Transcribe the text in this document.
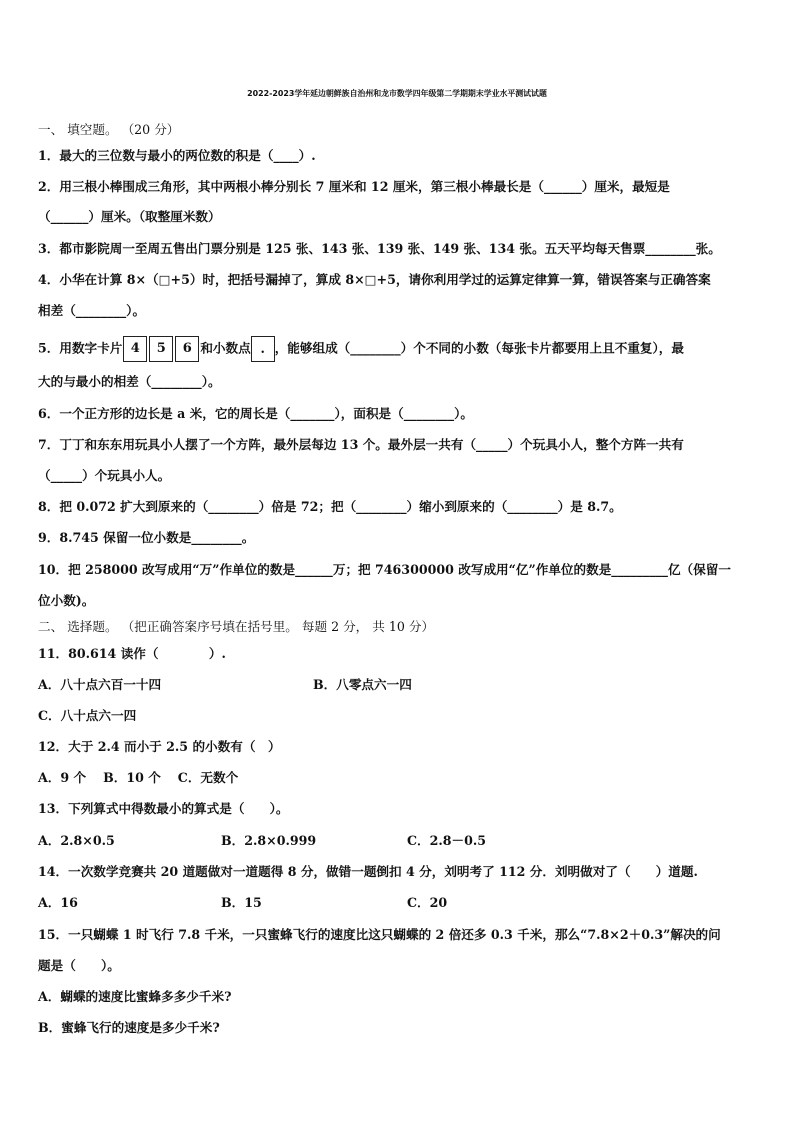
2022-2023学年延边朝鲜族自治州和龙市数学四年级第二学期期末学业水平测试试题
一、 填空题。 （20 分）
1．最大的三位数与最小的两位数的积是（____）.
2．用三根小棒围成三角形，其中两根小棒分别长 7 厘米和 12 厘米，第三根小棒最长是（______）厘米，最短是
（______）厘米。（取整厘米数）
3．都市影院周一至周五售出门票分别是 125 张、143 张、139 张、149 张、134 张。五天平均每天售票________张。
4．小华在计算 8×（□+5）时，把括号漏掉了，算成 8×□+5，请你利用学过的运算定律算一算，错误答案与正确答案
相差（________）。
5．用数字卡片 4 5 6 和小数点 . ，能够组成（________）个不同的小数（每张卡片都要用上且不重复），最
大的与最小的相差（________）。
6．一个正方形的边长是 a 米，它的周长是（_______），面积是（________）。
7．丁丁和东东用玩具小人摆了一个方阵，最外层每边 13 个。最外层一共有（_____）个玩具小人，整个方阵一共有
（_____）个玩具小人。
8．把 0.072 扩大到原来的（________）倍是 72；把（________）缩小到原来的（________）是 8.7。
9．8.745 保留一位小数是________。
10．把 258000 改写成用“万”作单位的数是______万；把 746300000 改写成用“亿”作单位的数是_________亿（保留一
位小数)。
二、 选择题。 （把正确答案序号填在括号里。 每题 2 分， 共 10 分）
11．80.614 读作（　　　　）.
A．八十点六百一十四	B．八零点六一四
C．八十点六一四
12．大于 2.4 而小于 2.5 的小数有（　）
A．9 个　 B．10 个　 C．无数个
13．下列算式中得数最小的算式是（　　）。
A．2.8×0.5	B．2.8×0.999	C．2.8－0.5
14．一次数学竞赛共 20 道题做对一道题得 8 分，做错一题倒扣 4 分，刘明考了 112 分．刘明做对了（　　）道题.
A．16	B．15	C．20
15．一只蝴蝶 1 时飞行 7.8 千米，一只蜜蜂飞行的速度比这只蝴蝶的 2 倍还多 0.3 千米，那么“7.8×2＋0.3”解决的问
题是（　　）。
A．蝴蝶的速度比蜜蜂多多少千米?
B．蜜蜂飞行的速度是多少千米?
